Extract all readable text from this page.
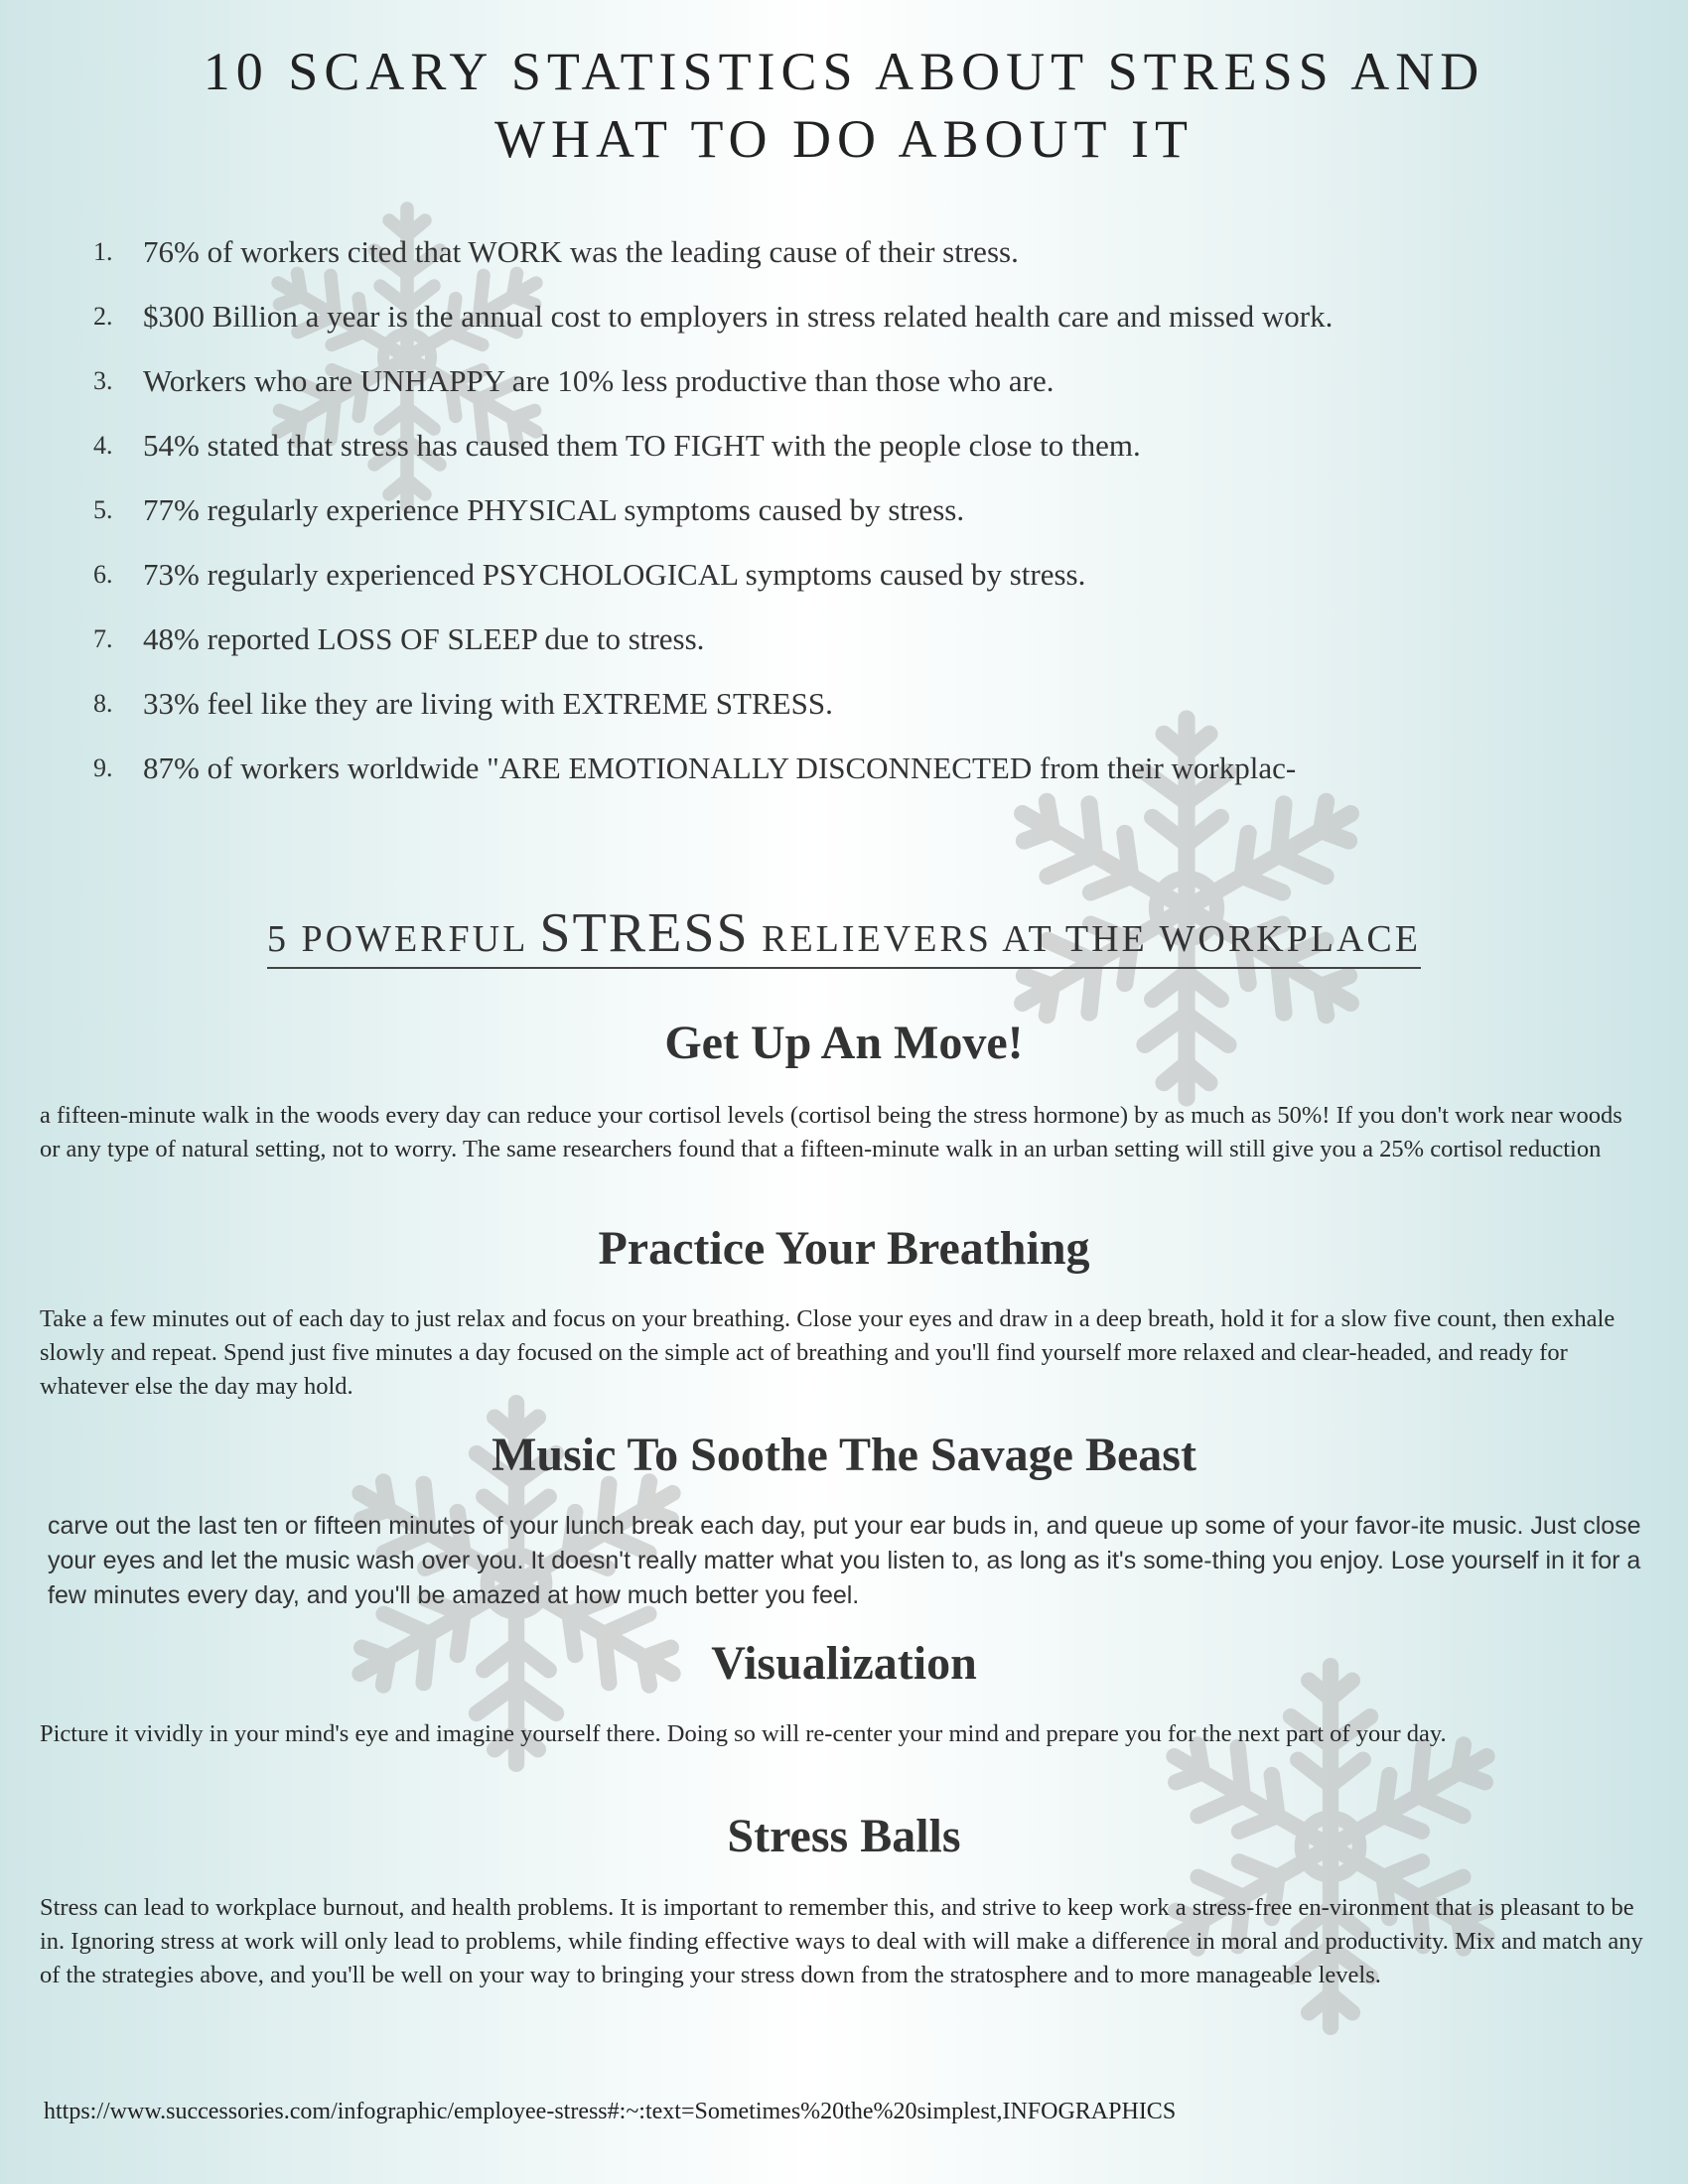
10 SCARY STATISTICS ABOUT STRESS AND
WHAT TO DO ABOUT IT
1. 76% of workers cited that WORK was the leading cause of their stress.
2. $300 Billion a year is the annual cost to employers in stress related health care and missed work.
3. Workers who are UNHAPPY are 10% less productive than those who are.
4. 54% stated that stress has caused them TO FIGHT with the people close to them.
5. 77% regularly experience PHYSICAL symptoms caused by stress.
6. 73% regularly experienced PSYCHOLOGICAL symptoms caused by stress.
7. 48% reported LOSS OF SLEEP due to stress.
8. 33% feel like they are living with EXTREME STRESS.
9. 87% of workers worldwide "ARE EMOTIONALLY DISCONNECTED from their workplac-
5 POWERFUL STRESS RELIEVERS AT THE WORKPLACE
Get Up An Move!
a fifteen-minute walk in the woods every day can reduce your cortisol levels (cortisol being the stress hormone) by as much as 50%! If you don't work near woods or any type of natural setting, not to worry. The same researchers found that a fifteen-minute walk in an urban setting will still give you a 25% cortisol reduction
Practice Your Breathing
Take a few minutes out of each day to just relax and focus on your breathing. Close your eyes and draw in a deep breath, hold it for a slow five count, then exhale slowly and repeat. Spend just five minutes a day focused on the simple act of breathing and you'll find yourself more relaxed and clear-headed, and ready for whatever else the day may hold.
Music To Soothe The Savage Beast
carve out the last ten or fifteen minutes of your lunch break each day, put your ear buds in, and queue up some of your favor-ite music. Just close your eyes and let the music wash over you. It doesn't really matter what you listen to, as long as it's some-thing you enjoy. Lose yourself in it for a few minutes every day, and you'll be amazed at how much better you feel.
Visualization
Picture it vividly in your mind's eye and imagine yourself there. Doing so will re-center your mind and prepare you for the next part of your day.
Stress Balls
Stress can lead to workplace burnout, and health problems. It is important to remember this, and strive to keep work a stress-free en-vironment that is pleasant to be in. Ignoring stress at work will only lead to problems, while finding effective ways to deal with will make a difference in moral and productivity. Mix and match any of the strategies above, and you'll be well on your way to bringing your stress down from the stratosphere and to more manageable levels.
https://www.successories.com/infographic/employee-stress#:~:text=Sometimes%20the%20simplest,INFOGRAPHICS
